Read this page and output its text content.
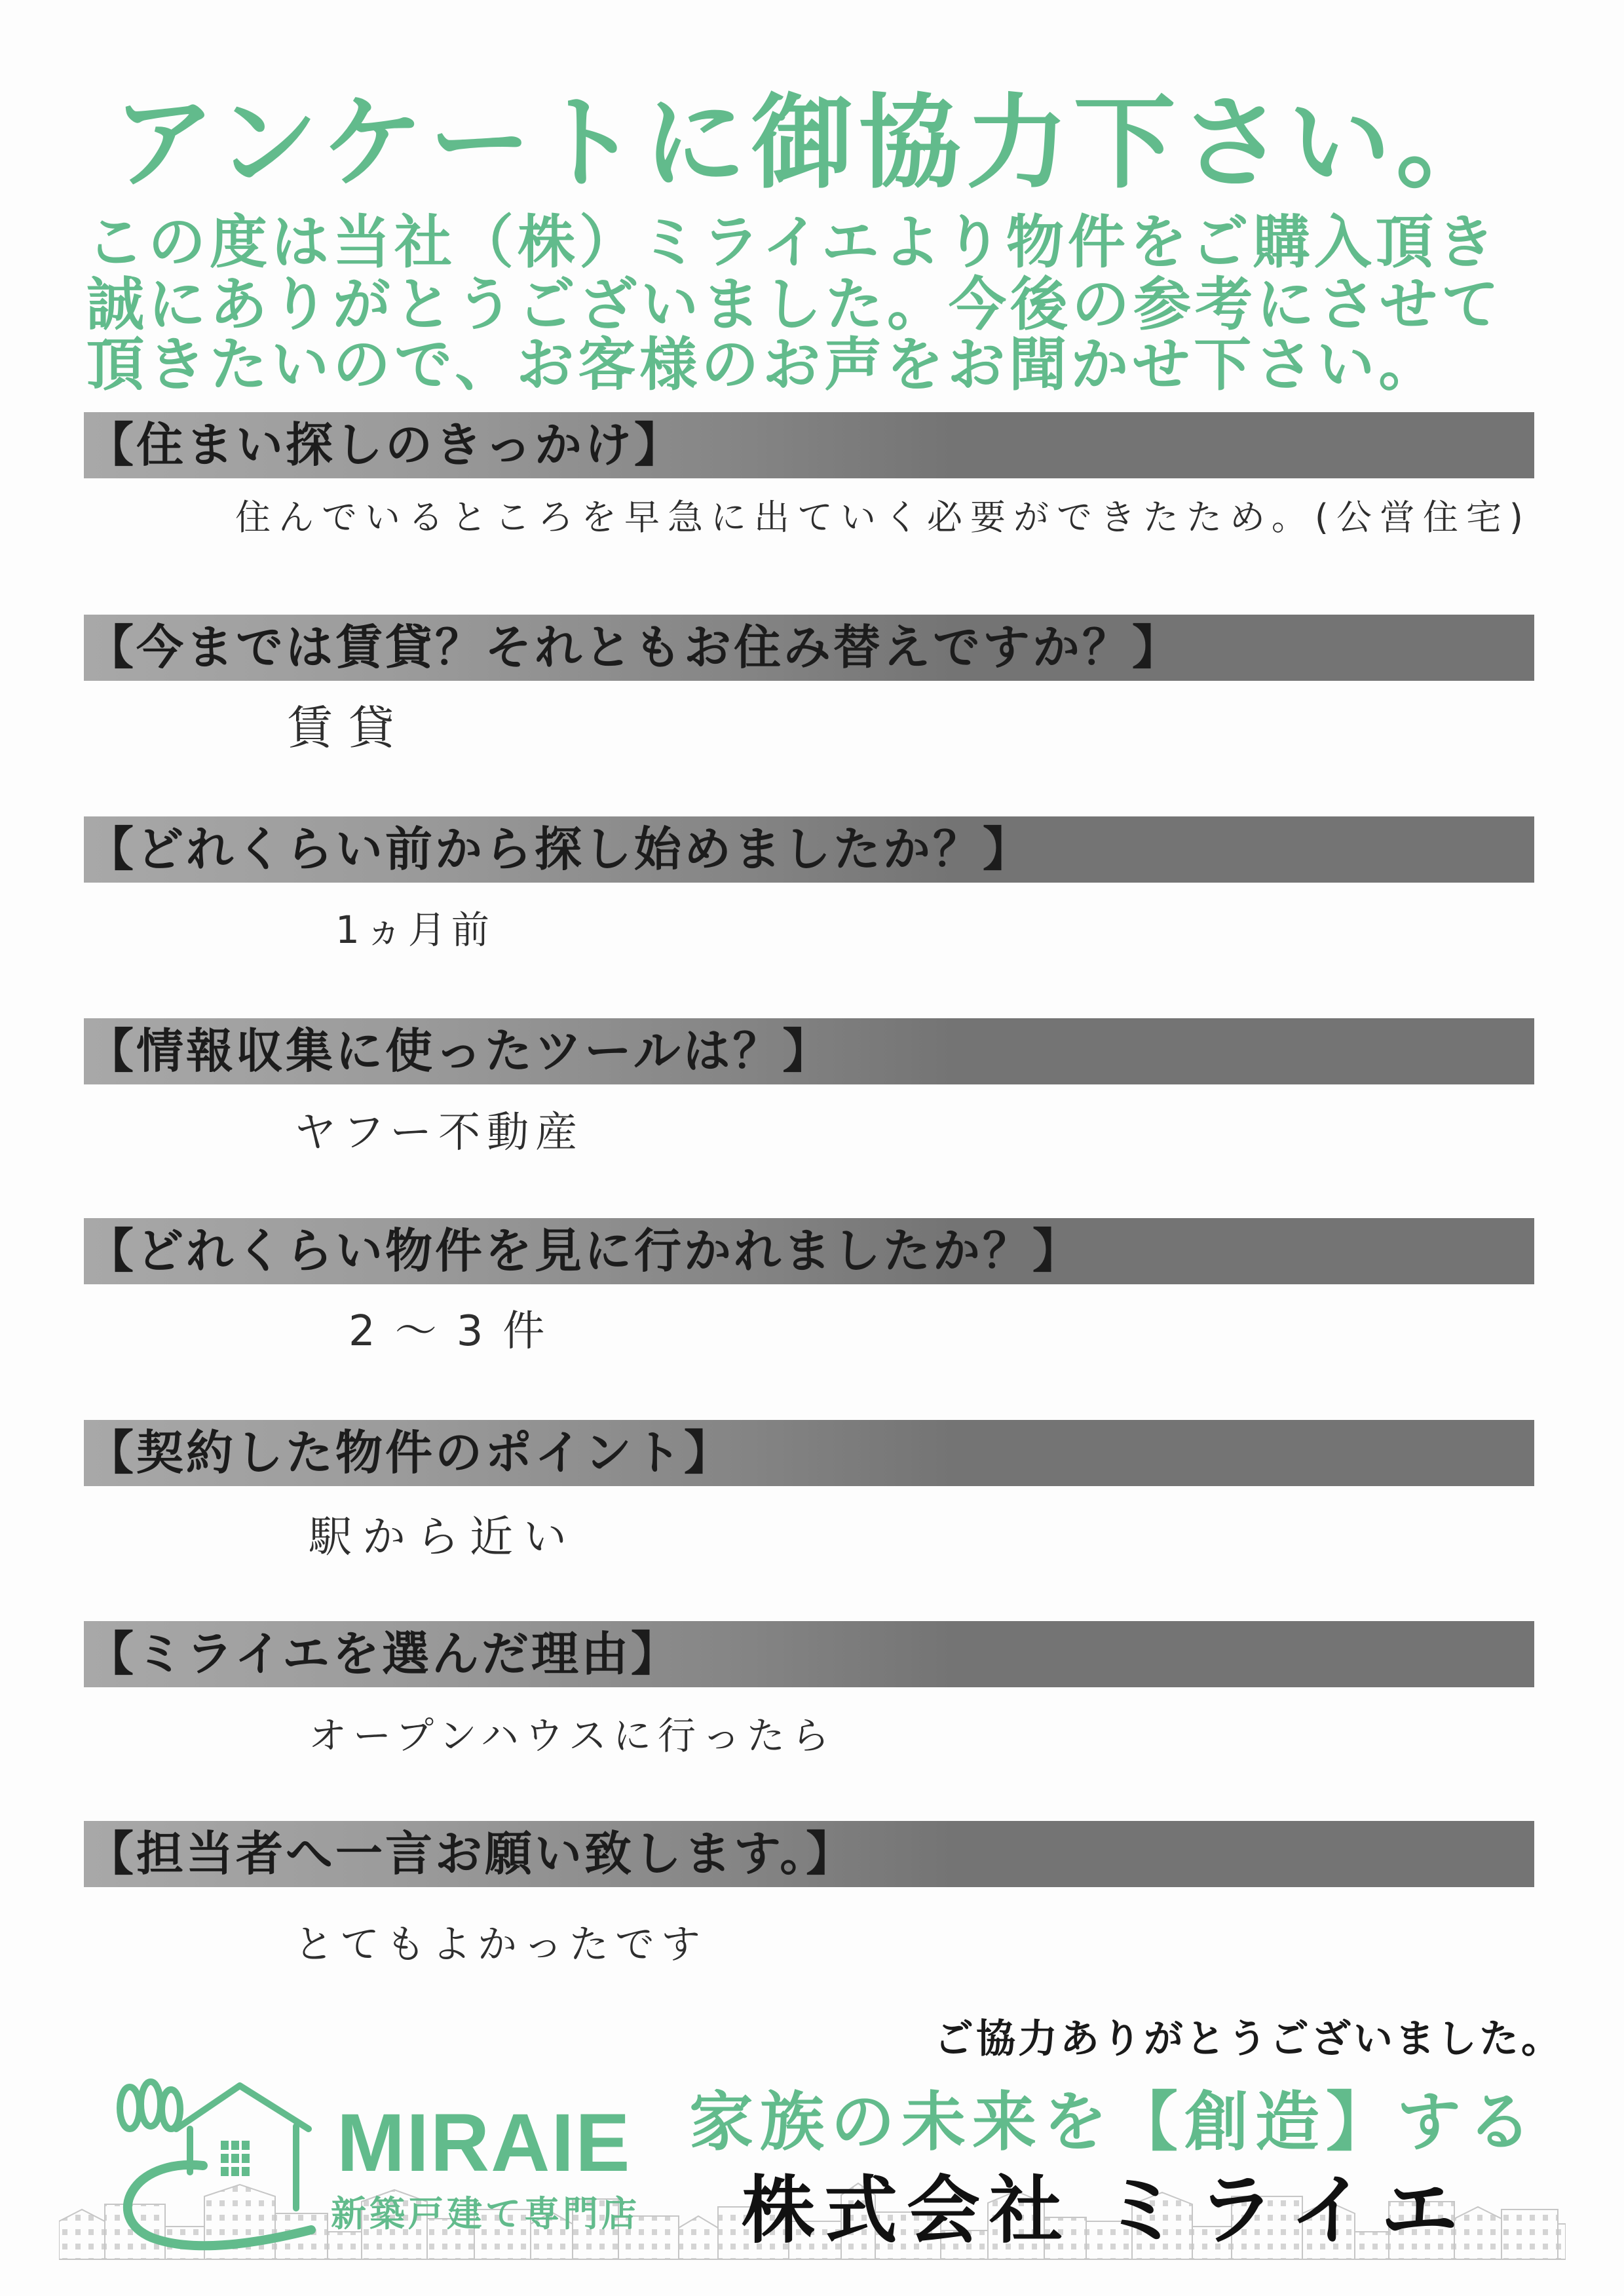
アンケートに御協力下さい。
この度は当社（株）ミライエより物件をご購入頂き
誠にありがとうございました。今後の参考にさせて
頂きたいので、お客様のお声をお聞かせ下さい。
【住まい探しのきっかけ】
住んでいるところを早急に出ていく必要ができたため。(公営住宅)
【今までは賃貸？それともお住み替えですか？】
賃貸
【どれくらい前から探し始めましたか？】
1ヵ月前
【情報収集に使ったツールは？】
ヤフー不動産
【どれくらい物件を見に行かれましたか？】
2～3件
【契約した物件のポイント】
駅から近い
【ミライエを選んだ理由】
オープンハウスに行ったら
【担当者へ一言お願い致します。】
とてもよかったです
ご協力ありがとうございました。
家族の未来を【創造】する
MIRAIE
新築戸建て専門店 株式会社 ミライエ
